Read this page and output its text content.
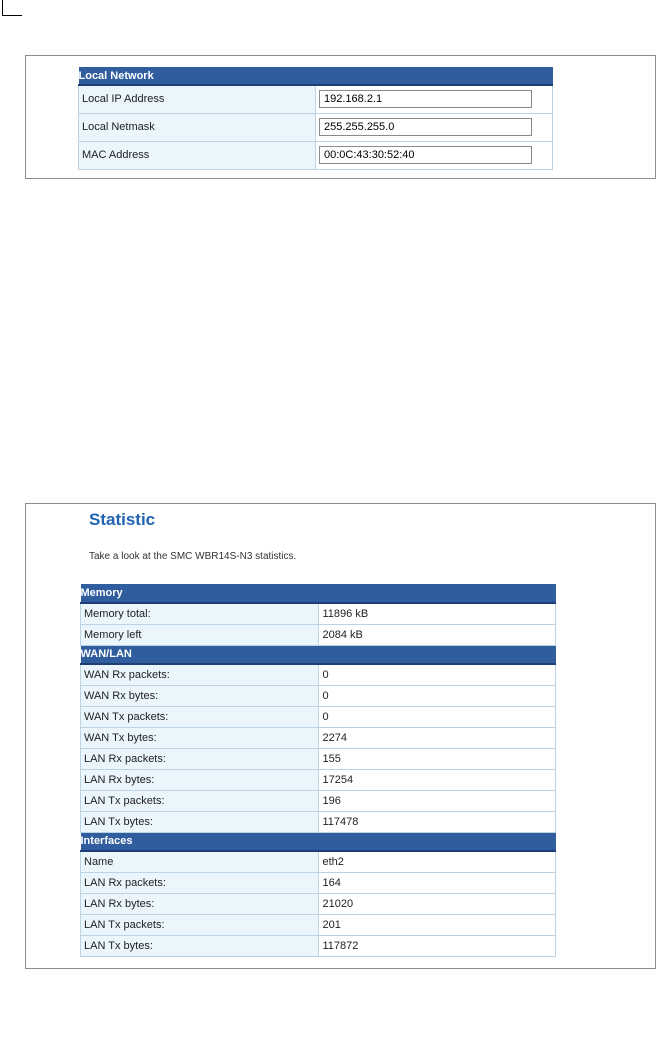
Local Network	
Local IP Address	192.168.2.1
Local Netmask	255.255.255.0
MAC Address	00:0C:43:30:52:40
Statistic
Take a look at the SMC WBR14S-N3 statistics.
Memory	
Memory total:	11896 kB
Memory left	2084 kB
WAN/LAN	
WAN Rx packets:	0
WAN Rx bytes:	0
WAN Tx packets:	0
WAN Tx bytes:	2274
LAN Rx packets:	155
LAN Rx bytes:	17254
LAN Tx packets:	196
LAN Tx bytes:	117478
Interfaces	
Name	eth2
LAN Rx packets:	164
LAN Rx bytes:	21020
LAN Tx packets:	201
LAN Tx bytes:	117872
